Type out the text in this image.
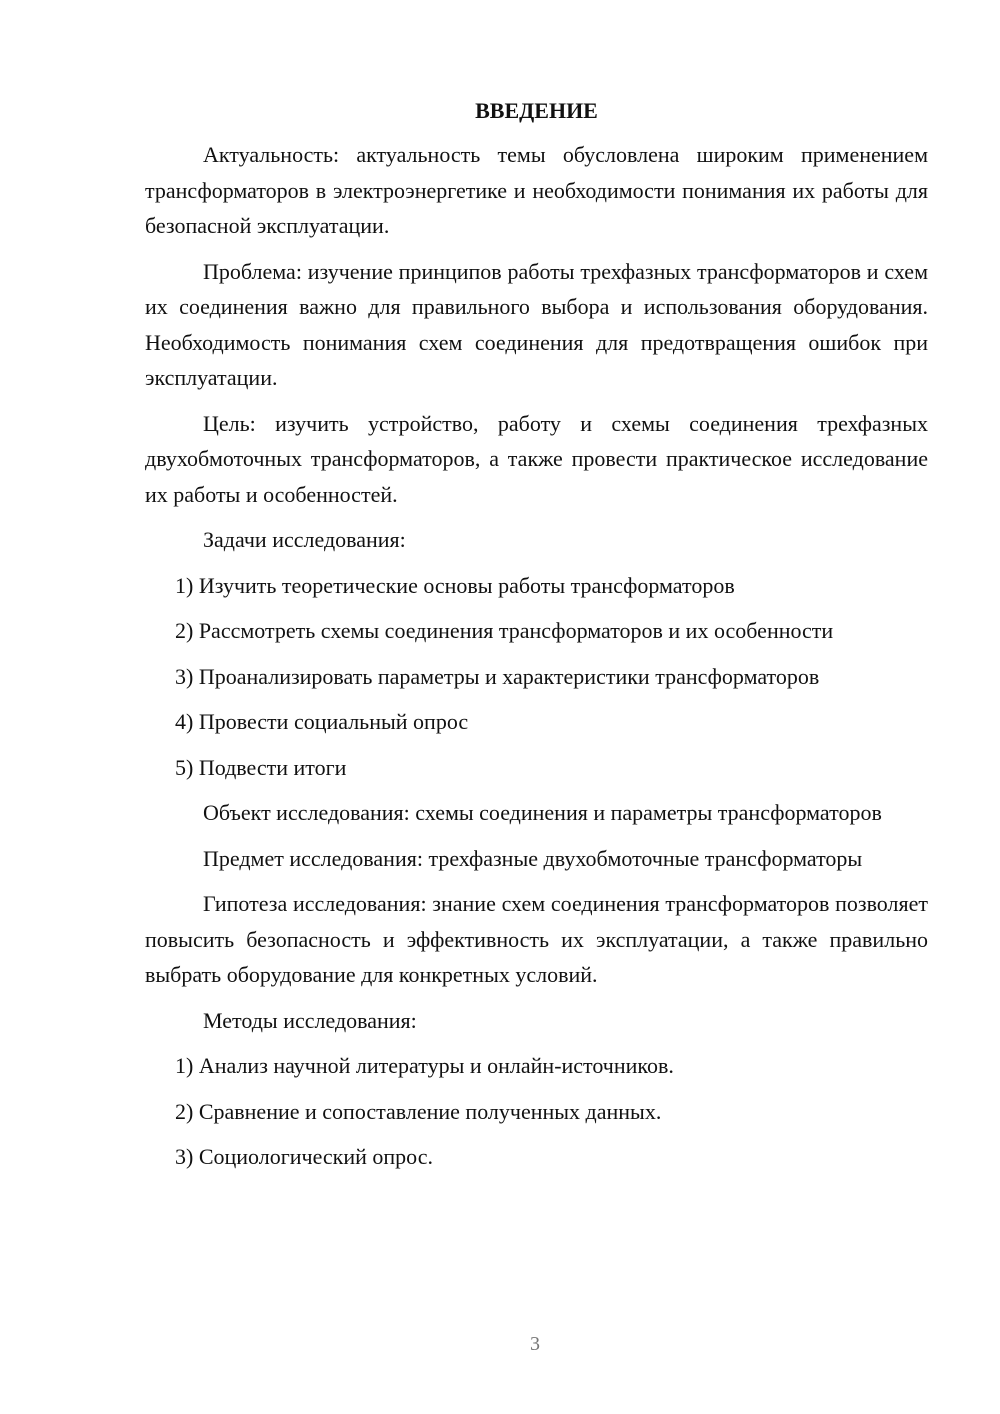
ВВЕДЕНИЕ

Актуальность: актуальность темы обусловлена широким применением трансформаторов в электроэнергетике и необходимости понимания их работы для безопасной эксплуатации.

Проблема: изучение принципов работы трехфазных трансформаторов и схем их соединения важно для правильного выбора и использования оборудования. Необходимость понимания схем соединения для предотвращения ошибок при эксплуатации.

Цель: изучить устройство, работу и схемы соединения трехфазных двухобмоточных трансформаторов, а также провести практическое исследование их работы и особенностей.

Задачи исследования:

1) Изучить теоретические основы работы трансформаторов
2) Рассмотреть схемы соединения трансформаторов и их особенности
3) Проанализировать параметры и характеристики трансформаторов
4) Провести социальный опрос
5) Подвести итоги

Объект исследования: схемы соединения и параметры трансформаторов

Предмет исследования: трехфазные двухобмоточные трансформаторы

Гипотеза исследования: знание схем соединения трансформаторов позволяет повысить безопасность и эффективность их эксплуатации, а также правильно выбрать оборудование для конкретных условий.

Методы исследования:

1) Анализ научной литературы и онлайн-источников.
2) Сравнение и сопоставление полученных данных.
3) Социологический опрос.
3
